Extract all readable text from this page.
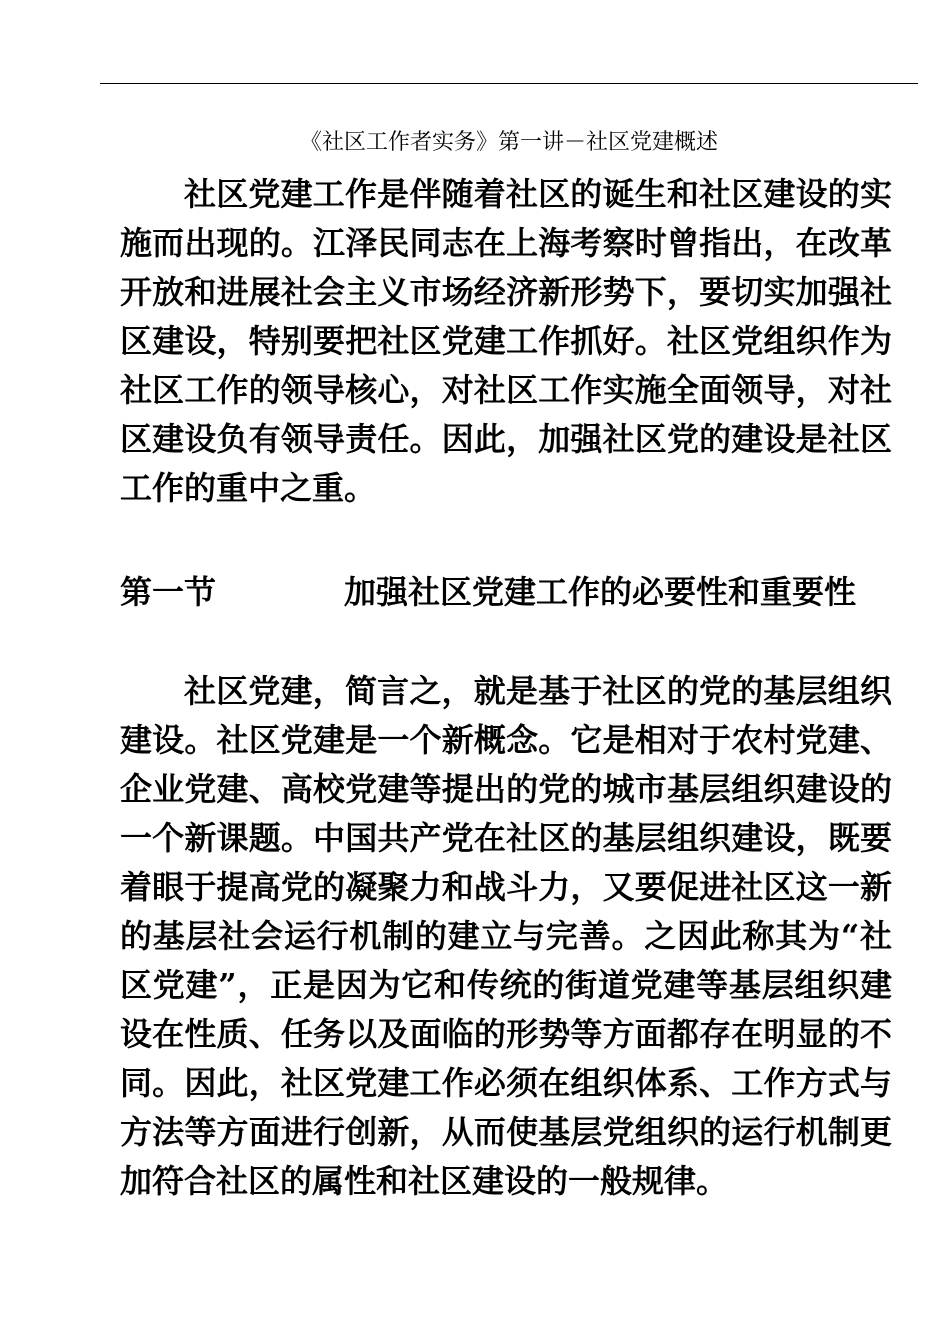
《社区工作者实务》第一讲－社区党建概述

社区党建工作是伴随着社区的诞生和社区建设的实施而出现的。江泽民同志在上海考察时曾指出，在改革开放和进展社会主义市场经济新形势下，要切实加强社区建设，特别要把社区党建工作抓好。社区党组织作为社区工作的领导核心，对社区工作实施全面领导，对社区建设负有领导责任。因此，加强社区党的建设是社区工作的重中之重。

第一节	加强社区党建工作的必要性和重要性

社区党建，简言之，就是基于社区的党的基层组织建设。社区党建是一个新概念。它是相对于农村党建、企业党建、高校党建等提出的党的城市基层组织建设的一个新课题。中国共产党在社区的基层组织建设，既要着眼于提高党的凝聚力和战斗力，又要促进社区这一新的基层社会运行机制的建立与完善。之因此称其为“社区党建”，正是因为它和传统的街道党建等基层组织建设在性质、任务以及面临的形势等方面都存在明显的不同。因此，社区党建工作必须在组织体系、工作方式与方法等方面进行创新，从而使基层党组织的运行机制更加符合社区的属性和社区建设的一般规律。
